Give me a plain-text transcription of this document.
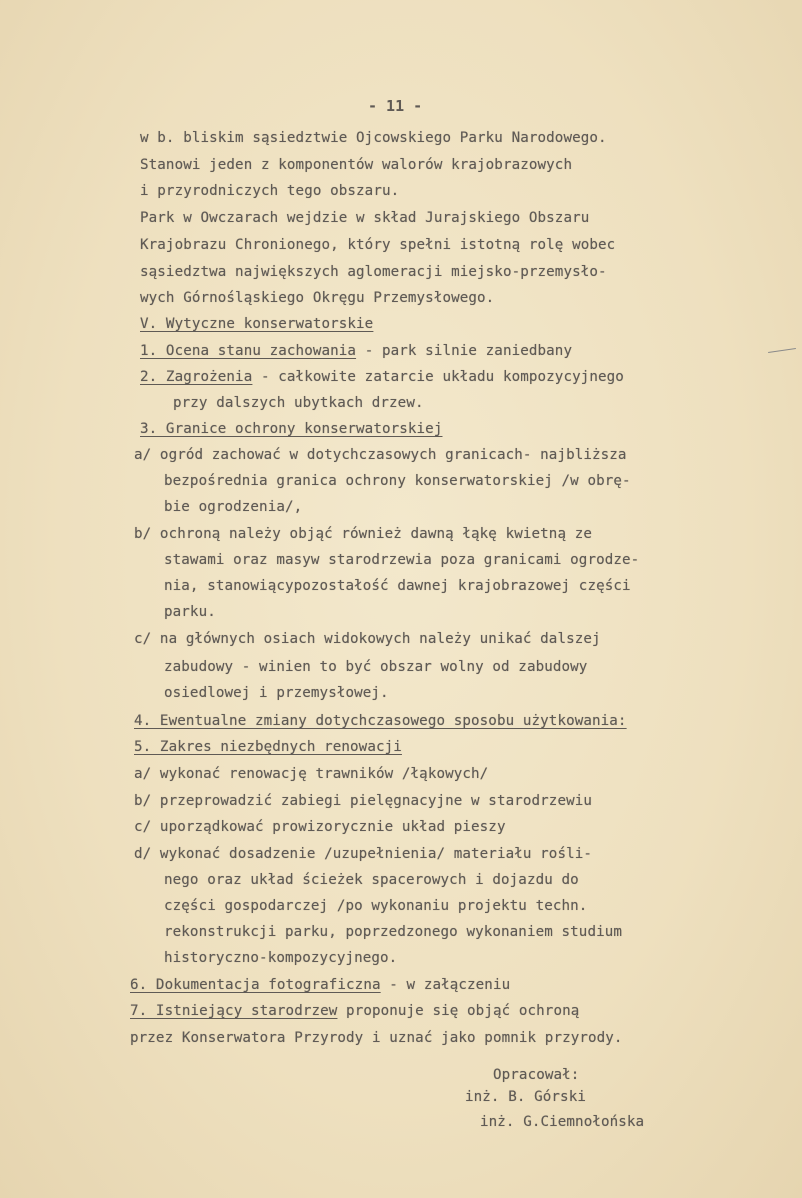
- 11 -
w b. bliskim sąsiedztwie Ojcowskiego Parku Narodowego.
Stanowi jeden z komponentów walorów krajobrazowych
i przyrodniczych tego obszaru.
Park w Owczarach wejdzie w skład Jurajskiego Obszaru
Krajobrazu Chronionego, który spełni istotną rolę wobec
sąsiedztwa największych aglomeracji miejsko-przemysło-
wych Górnośląskiego Okręgu Przemysłowego.
V. Wytyczne konserwatorskie
1. Ocena stanu zachowania - park silnie zaniedbany
2. Zagrożenia - całkowite zatarcie układu kompozycyjnego
przy dalszych ubytkach drzew.
3. Granice ochrony konserwatorskiej
a/ ogród zachować w dotychczasowych granicach- najbliższa
bezpośrednia granica ochrony konserwatorskiej /w obrę-
bie ogrodzenia/,
b/ ochroną należy objąć również dawną łąkę kwietną ze
stawami oraz masyw starodrzewia poza granicami ogrodze-
nia, stanowiącypozostałość dawnej krajobrazowej części
parku.
c/ na głównych osiach widokowych należy unikać dalszej
zabudowy - winien to być obszar wolny od zabudowy
osiedlowej i przemysłowej.
4. Ewentualne zmiany dotychczasowego sposobu użytkowania:
5. Zakres niezbędnych renowacji
a/ wykonać renowację trawników /łąkowych/
b/ przeprowadzić zabiegi pielęgnacyjne w starodrzewiu
c/ uporządkować prowizorycznie układ pieszy
d/ wykonać dosadzenie /uzupełnienia/ materiału rośli-
nego oraz układ ścieżek spacerowych i dojazdu do
części gospodarczej /po wykonaniu projektu techn.
rekonstrukcji parku, poprzedzonego wykonaniem studium
historyczno-kompozycyjnego.
6. Dokumentacja fotograficzna - w załączeniu
7. Istniejący starodrzew proponuje się objąć ochroną
przez Konserwatora Przyrody i uznać jako pomnik przyrody.
Opracował:
inż. B. Górski
inż. G.Ciemnołońska
